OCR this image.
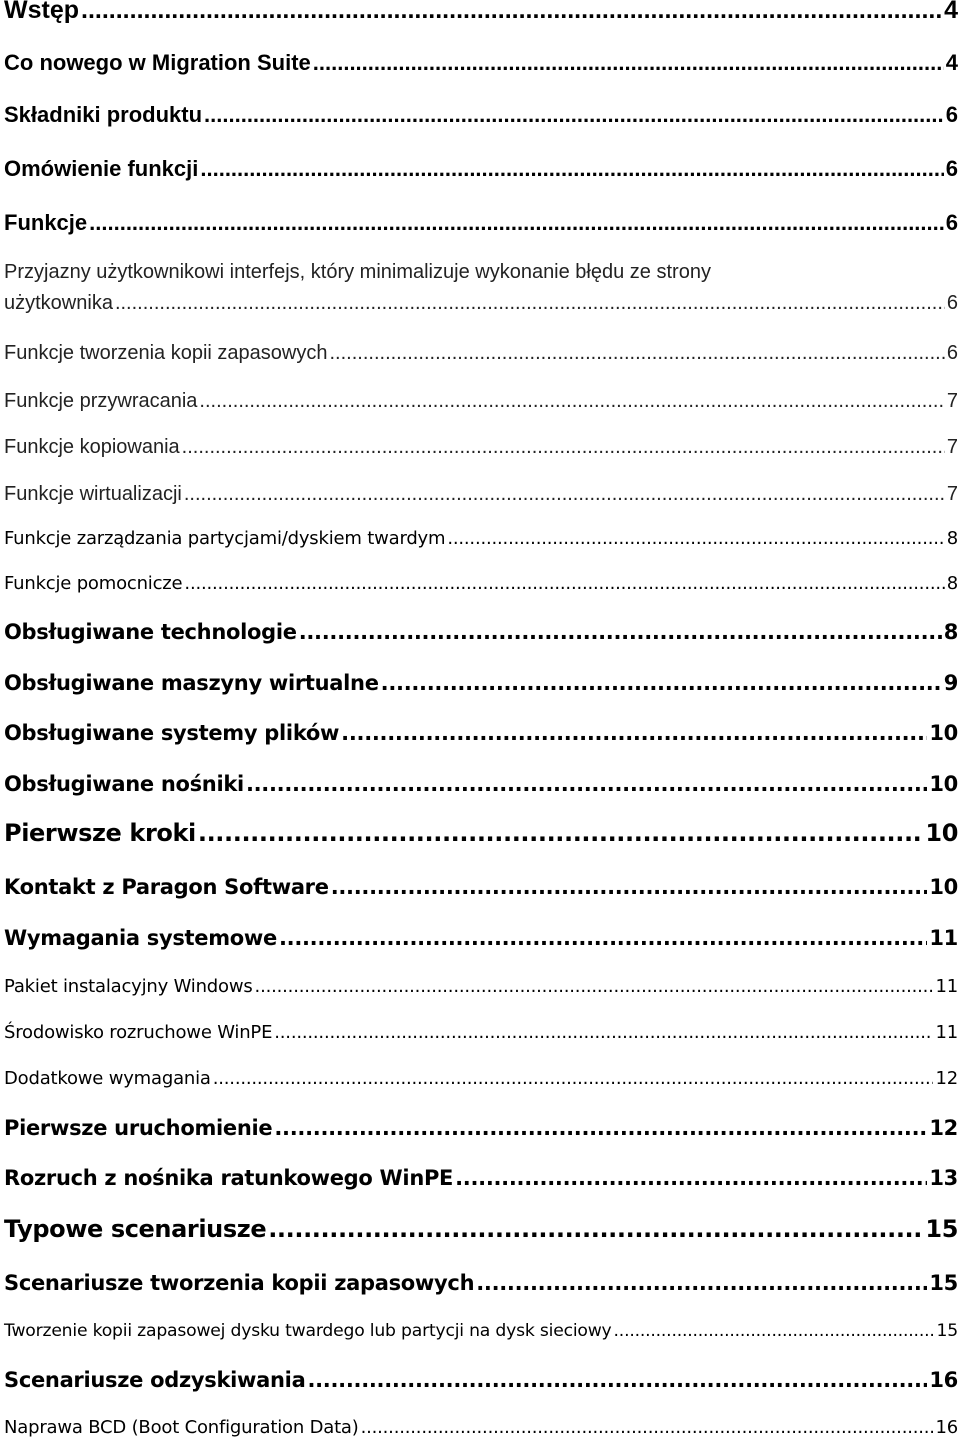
Wstęp .....	4
Co nowego w Migration Suite .....	4
Składniki produktu .....	6
Omówienie funkcji .....	6
Funkcje .....	6
Przyjazny użytkownikowi interfejs, który minimalizuje wykonanie błędu ze strony
użytkownika .....	6
Funkcje tworzenia kopii zapasowych .....	6
Funkcje przywracania .....	7
Funkcje kopiowania .....	7
Funkcje wirtualizacji .....	7
Funkcje zarządzania partycjami/dyskiem twardym .....	8
Funkcje pomocnicze .....	8
Obsługiwane technologie .....	8
Obsługiwane maszyny wirtualne .....	9
Obsługiwane systemy plików .....	10
Obsługiwane nośniki .....	10
Pierwsze kroki .....	10
Kontakt z Paragon Software .....	10
Wymagania systemowe .....	11
Pakiet instalacyjny Windows .....	11
Środowisko rozruchowe WinPE .....	11
Dodatkowe wymagania .....	12
Pierwsze uruchomienie .....	12
Rozruch z nośnika ratunkowego WinPE .....	13
Typowe scenariusze .....	15
Scenariusze tworzenia kopii zapasowych .....	15
Tworzenie kopii zapasowej dysku twardego lub partycji na dysk sieciowy .....	15
Scenariusze odzyskiwania .....	16
Naprawa BCD (Boot Configuration Data) .....	16
